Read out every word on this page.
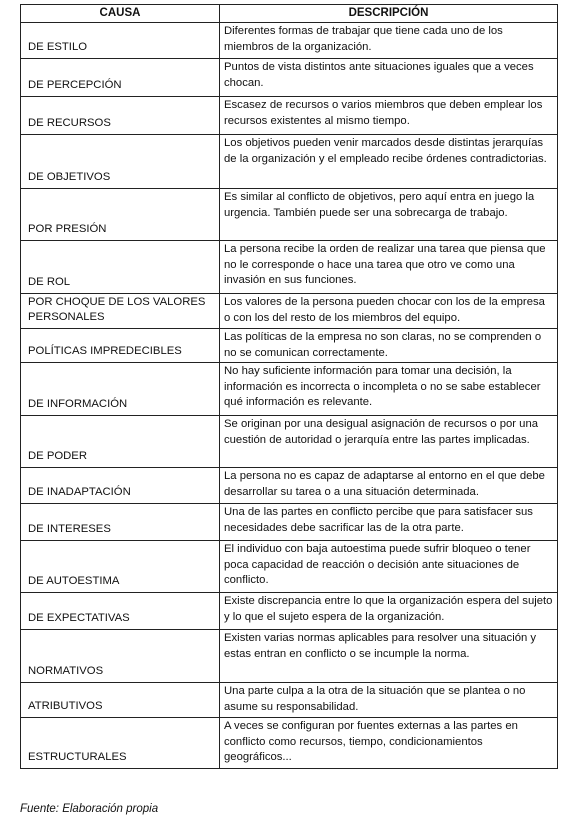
CAUSA	DESCRIPCIÓN
DE ESTILO	Diferentes formas de trabajar que tiene cada uno de los miembros de la organización.
DE PERCEPCIÓN	Puntos de vista distintos ante situaciones iguales que a veces chocan.
DE RECURSOS	Escasez de recursos o varios miembros que deben emplear los recursos existentes al mismo tiempo.
DE OBJETIVOS	Los objetivos pueden venir marcados desde distintas jerarquías de la organización y el empleado recibe órdenes contradictorias.
POR PRESIÓN	Es similar al conflicto de objetivos, pero aquí entra en juego la urgencia. También puede ser una sobrecarga de trabajo.
DE ROL	La persona recibe la orden de realizar una tarea que piensa que no le corresponde o hace una tarea que otro ve como una invasión en sus funciones.
POR CHOQUE DE LOS VALORES PERSONALES	Los valores de la persona pueden chocar con los de la empresa o con los del resto de los miembros del equipo.
POLÍTICAS IMPREDECIBLES	Las políticas de la empresa no son claras, no se comprenden o no se comunican correctamente.
DE INFORMACIÓN	No hay suficiente información para tomar una decisión, la información es incorrecta o incompleta o no se sabe establecer qué información es relevante.
DE PODER	Se originan por una desigual asignación de recursos o por una cuestión de autoridad o jerarquía entre las partes implicadas.
DE INADAPTACIÓN	La persona no es capaz de adaptarse al entorno en el que debe desarrollar su tarea o a una situación determinada.
DE INTERESES	Una de las partes en conflicto percibe que para satisfacer sus necesidades debe sacrificar las de la otra parte.
DE AUTOESTIMA	El individuo con baja autoestima puede sufrir bloqueo o tener poca capacidad de reacción o decisión ante situaciones de conflicto.
DE EXPECTATIVAS	Existe discrepancia entre lo que la organización espera del sujeto y lo que el sujeto espera de la organización.
NORMATIVOS	Existen varias normas aplicables para resolver una situación y estas entran en conflicto o se incumple la norma.
ATRIBUTIVOS	Una parte culpa a la otra de la situación que se plantea o no asume su responsabilidad.
ESTRUCTURALES	A veces se configuran por fuentes externas a las partes en conflicto como recursos, tiempo, condicionamientos geográficos...
Fuente: Elaboración propia
